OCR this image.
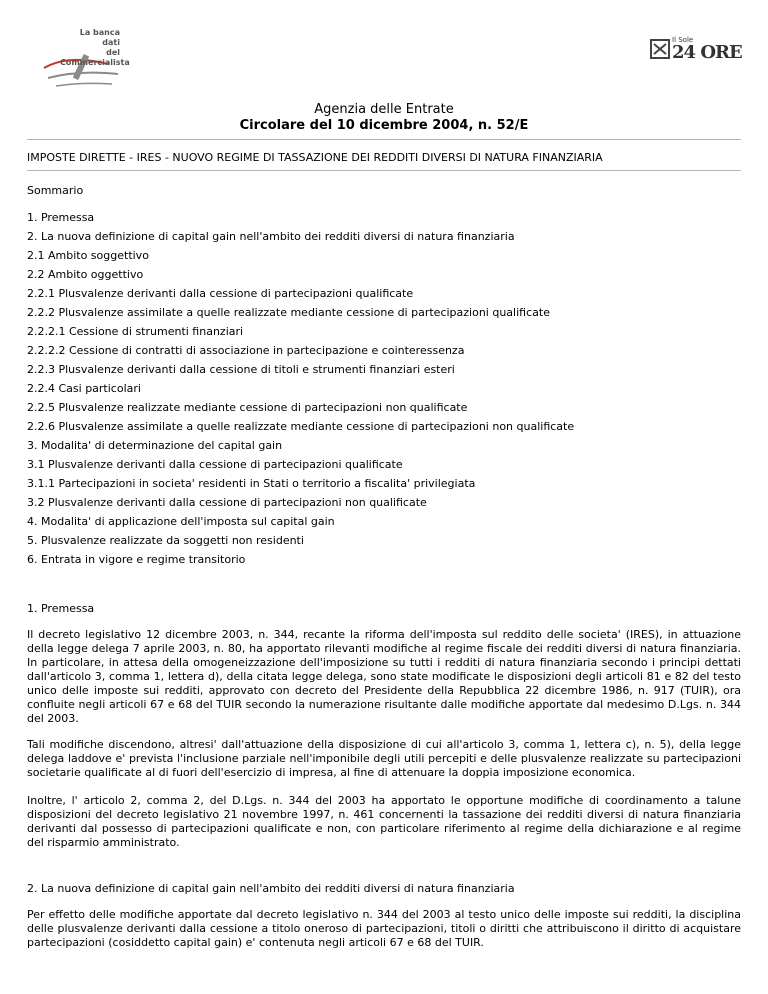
La banca dati
del Commercialista
Il Sole
24 ORE
Agenzia delle Entrate
Circolare del 10 dicembre 2004, n. 52/E
IMPOSTE DIRETTE - IRES - NUOVO REGIME DI TASSAZIONE DEI REDDITI DIVERSI DI NATURA FINANZIARIA
Sommario
1. Premessa
2. La nuova definizione di capital gain nell'ambito dei redditi diversi di natura finanziaria
2.1 Ambito soggettivo
2.2 Ambito oggettivo
2.2.1 Plusvalenze derivanti dalla cessione di partecipazioni qualificate
2.2.2 Plusvalenze assimilate a quelle realizzate mediante cessione di partecipazioni qualificate
2.2.2.1 Cessione di strumenti finanziari
2.2.2.2 Cessione di contratti di associazione in partecipazione e cointeressenza
2.2.3 Plusvalenze derivanti dalla cessione di titoli e strumenti finanziari esteri
2.2.4 Casi particolari
2.2.5 Plusvalenze realizzate mediante cessione di partecipazioni non qualificate
2.2.6 Plusvalenze assimilate a quelle realizzate mediante cessione di partecipazioni non qualificate
3. Modalita' di determinazione del capital gain
3.1 Plusvalenze derivanti dalla cessione di partecipazioni qualificate
3.1.1 Partecipazioni in societa' residenti in Stati o territorio a fiscalita' privilegiata
3.2 Plusvalenze derivanti dalla cessione di partecipazioni non qualificate
4. Modalita' di applicazione dell'imposta sul capital gain
5. Plusvalenze realizzate da soggetti non residenti
6. Entrata in vigore e regime transitorio
1. Premessa

Il decreto legislativo 12 dicembre 2003, n. 344, recante la riforma dell'imposta sul reddito delle societa' (IRES), in attuazione della legge delega 7 aprile 2003, n. 80, ha apportato rilevanti modifiche al regime fiscale dei redditi diversi di natura finanziaria. In particolare, in attesa della omogeneizzazione dell'imposizione su tutti i redditi di natura finanziaria secondo i principi dettati dall'articolo 3, comma 1, lettera d), della citata legge delega, sono state modificate le disposizioni degli articoli 81 e 82 del testo unico delle imposte sui redditi, approvato con decreto del Presidente della Repubblica 22 dicembre 1986, n. 917 (TUIR), ora confluite negli articoli 67 e 68 del TUIR secondo la numerazione risultante dalle modifiche apportate dal medesimo D.Lgs. n. 344 del 2003.

Tali modifiche discendono, altresi' dall'attuazione della disposizione di cui all'articolo 3, comma 1, lettera c), n. 5), della legge delega laddove e' prevista l'inclusione parziale nell'imponibile degli utili percepiti e delle plusvalenze realizzate su partecipazioni societarie qualificate al di fuori dell'esercizio di impresa, al fine di attenuare la doppia imposizione economica.

Inoltre, l' articolo 2, comma 2, del D.Lgs. n. 344 del 2003 ha apportato le opportune modifiche di coordinamento a talune disposizioni del decreto legislativo 21 novembre 1997, n. 461 concernenti la tassazione dei redditi diversi di natura finanziaria derivanti dal possesso di partecipazioni qualificate e non, con particolare riferimento al regime della dichiarazione e al regime del risparmio amministrato.

2. La nuova definizione di capital gain nell'ambito dei redditi diversi di natura finanziaria

Per effetto delle modifiche apportate dal decreto legislativo n. 344 del 2003 al testo unico delle imposte sui redditi, la disciplina delle plusvalenze derivanti dalla cessione a titolo oneroso di partecipazioni, titoli o diritti che attribuiscono il diritto di acquistare partecipazioni (cosiddetto capital gain) e' contenuta negli articoli 67 e 68 del TUIR.
